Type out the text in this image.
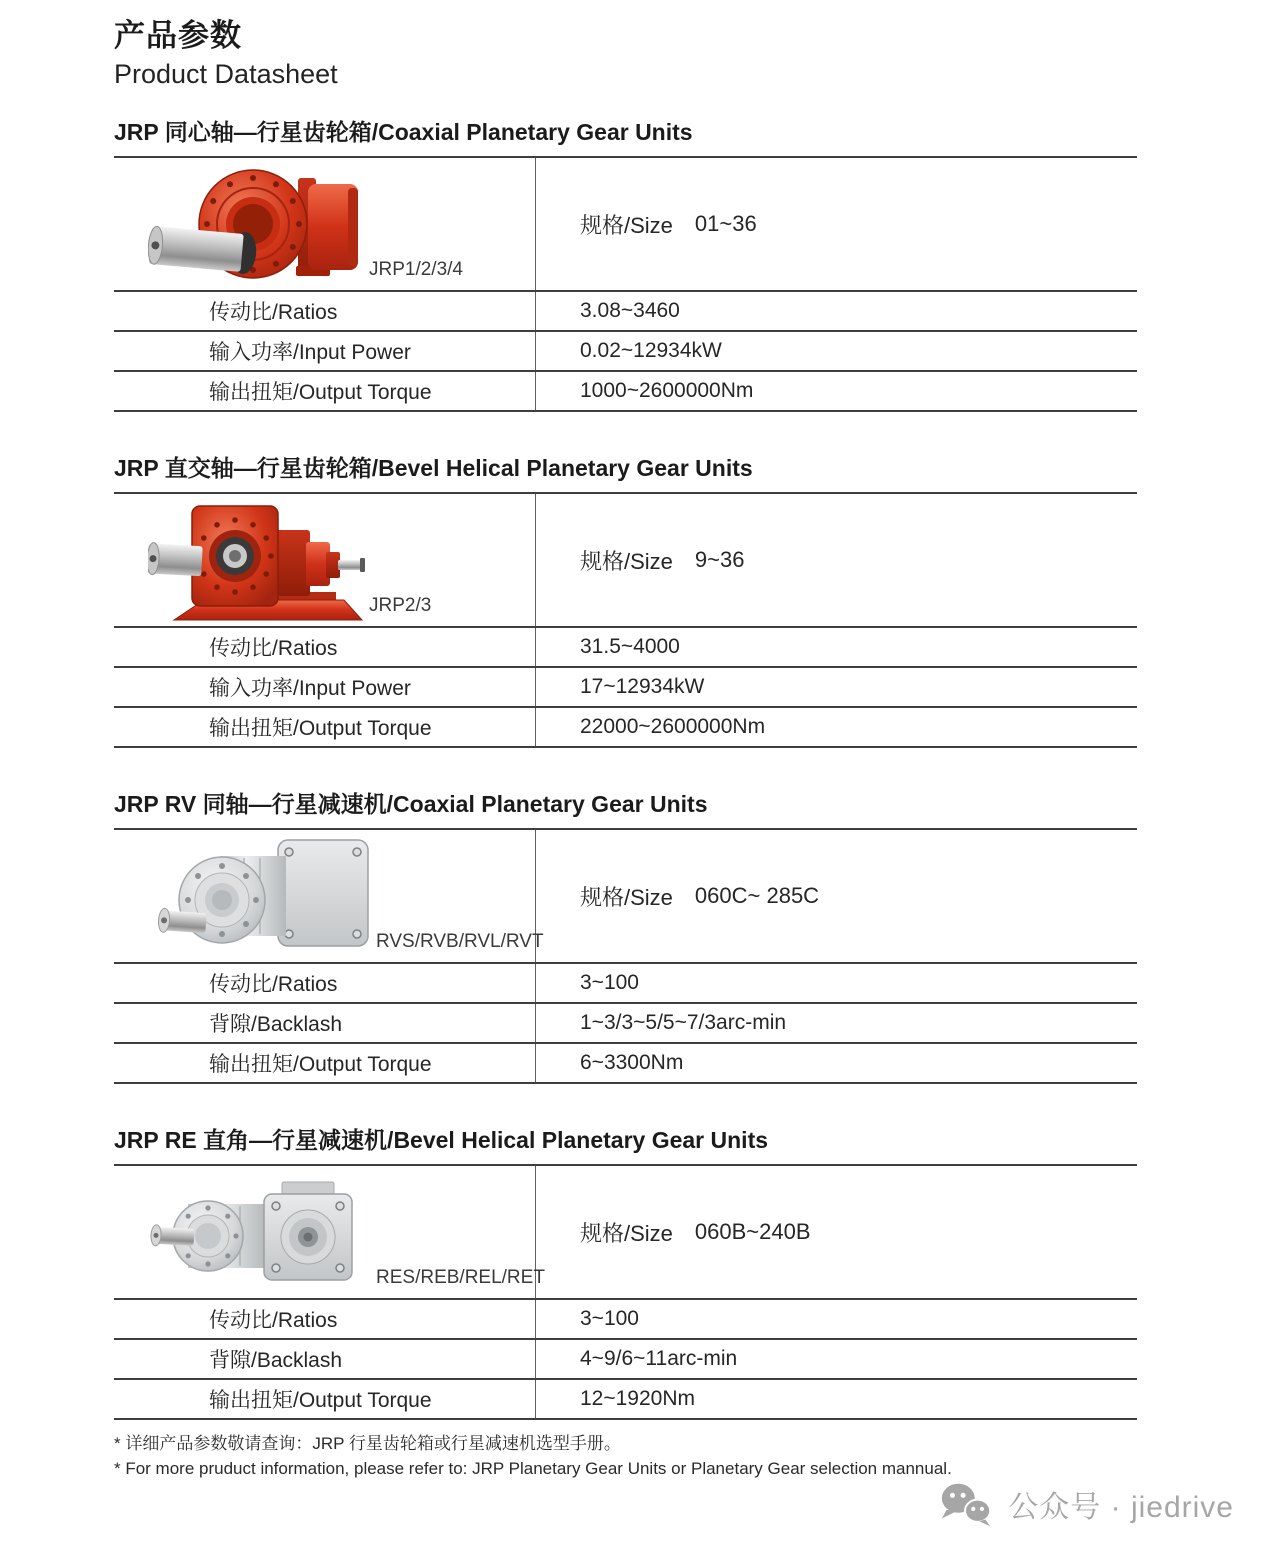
产品参数
Product Datasheet
JRP 同心轴—行星齿轮箱/Coaxial Planetary Gear Units
JRP1/2/3/4
规格/Size 01~36
传动比/Ratios	3.08~3460
输入功率/Input Power	0.02~12934kW
输出扭矩/Output Torque	1000~2600000Nm
JRP 直交轴—行星齿轮箱/Bevel Helical Planetary Gear Units
JRP2/3
规格/Size 9~36
传动比/Ratios	31.5~4000
输入功率/Input Power	17~12934kW
输出扭矩/Output Torque	22000~2600000Nm
JRP RV 同轴—行星减速机/Coaxial Planetary Gear Units
RVS/RVB/RVL/RVT
规格/Size 060C~ 285C
传动比/Ratios	3~100
背隙/Backlash	1~3/3~5/5~7/3arc-min
输出扭矩/Output Torque	6~3300Nm
JRP RE 直角—行星减速机/Bevel Helical Planetary Gear Units
RES/REB/REL/RET
规格/Size 060B~240B
传动比/Ratios	3~100
背隙/Backlash	4~9/6~11arc-min
输出扭矩/Output Torque	12~1920Nm
* 详细产品参数敬请查询：JRP 行星齿轮箱或行星减速机选型手册。
* For more pruduct information, please refer to: JRP Planetary Gear Units or Planetary Gear selection mannual.
公众号 · jiedrive
